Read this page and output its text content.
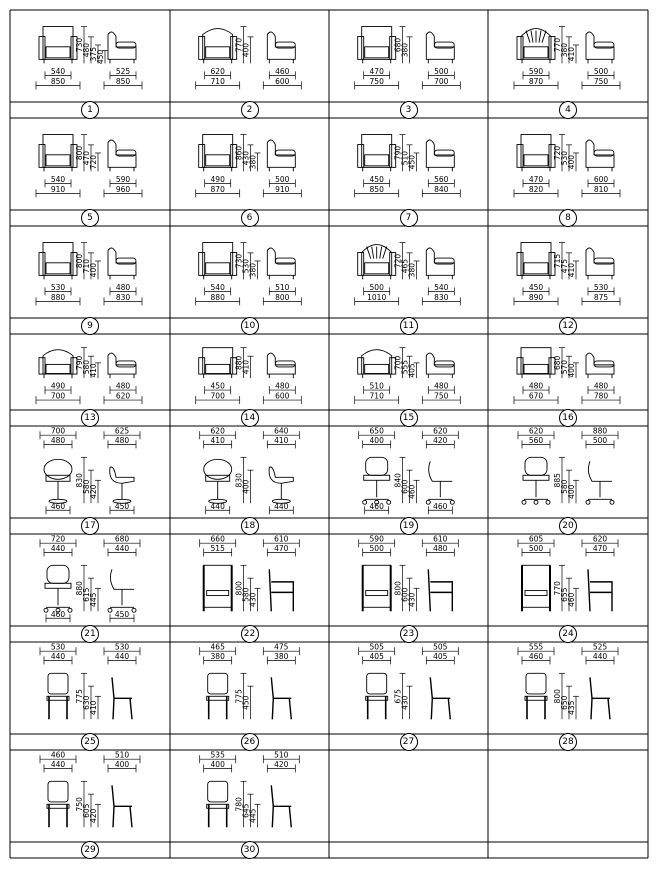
540
850
525
850
730
480
375
450
1
620
710
460
600
770
400
2
470
750
500
700
680
380
3
590
870
500
750
770
380
410
4
540
910
590
960
800
470
720
5
490
870
500
910
860
430
380
6
450
850
560
840
790
510
450
7
470
820
600
810
720
530
400
8
530
880
480
830
800
710
400
9
540
880
510
800
730
530
380
10
500
1010
540
830
720
465
380
11
450
890
530
875
715
475
410
12
490
700
480
620
790
580
410
13
450
700
480
600
880
410
14
510
710
480
750
700
555
405
15
480
670
480
780
680
570
400
16
700
480
625
480
460	450
830
580
420
17
620
410
640
410
440	440
830
400
18
650
400
620
420
460	460
840
600
460
19
620
560
880
500
885
580
400
20
720
440
680
440
460	450
880
615
445
21
660
515
610
470
800
580
430
22
590
500
610
480
800
600
430
23
605
500
620
470
770
655
460
24
530
440
530
440
775
630
410
25
465
380
475
380
775
450
26
505
405
505
405
675
430
27
555
460
525
440
800
650
435
28
460
440
510
400
750
605
420
29
535
400
510
420
780
645
445
30
